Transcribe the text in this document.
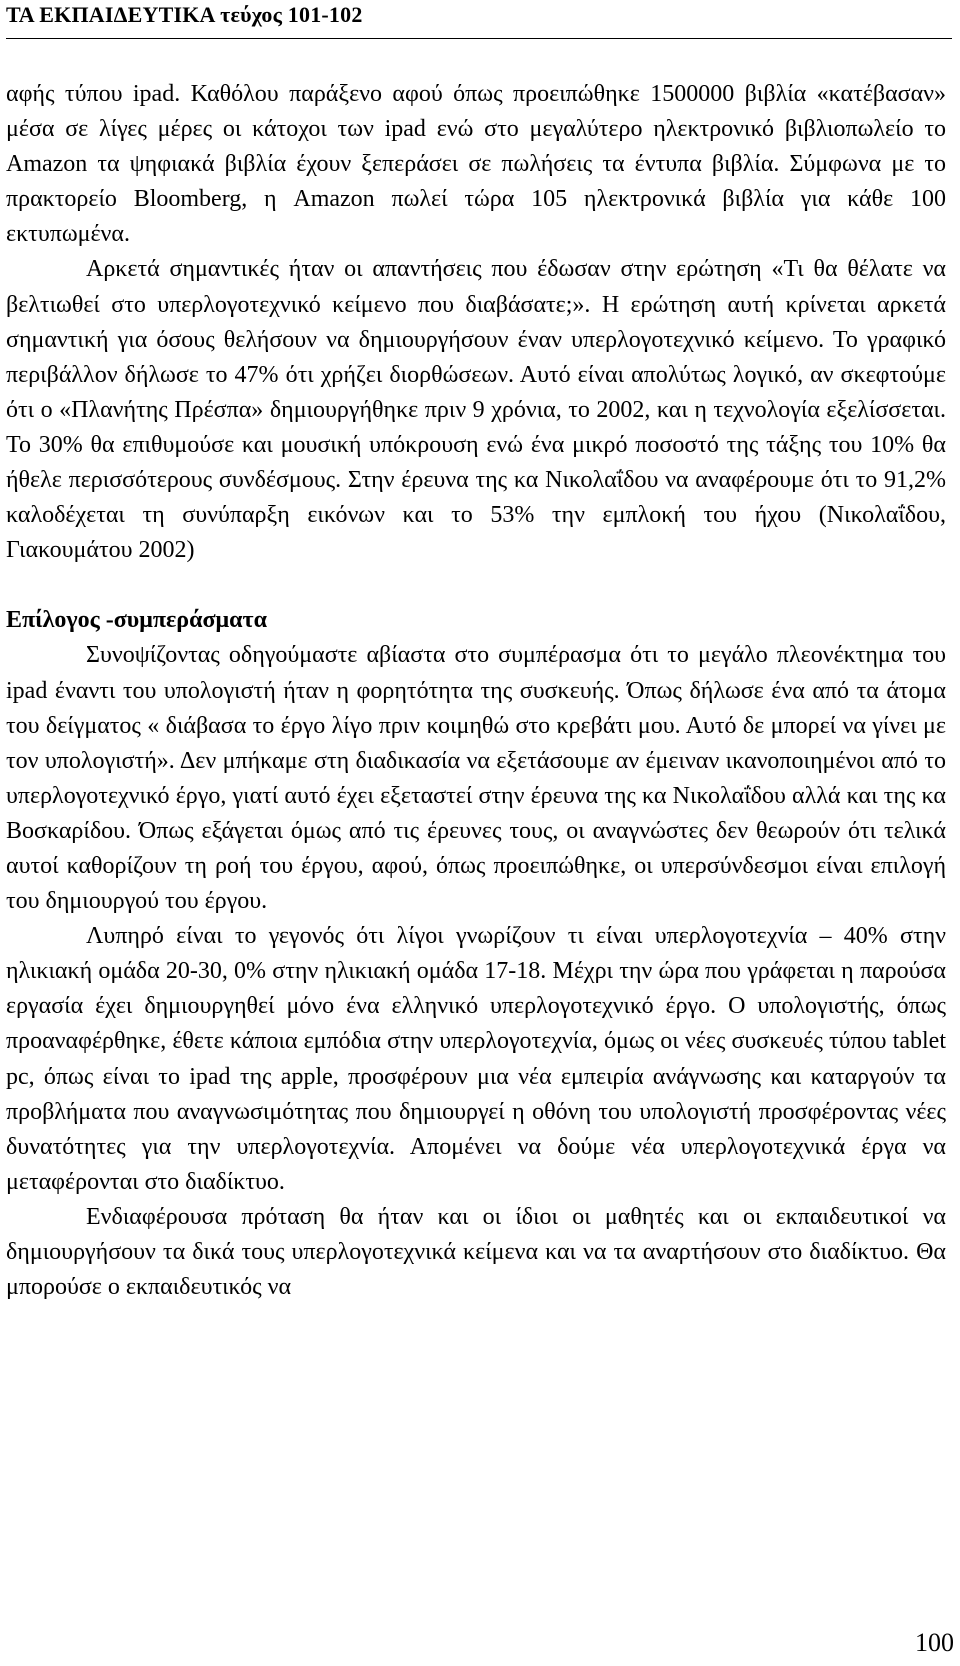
ΤΑ ΕΚΠΑΙΔΕΥΤΙΚΑ τεύχος 101-102

αφής τύπου ipad. Καθόλου παράξενο αφού όπως προειπώθηκε 1500000 βιβλία «κατέβασαν» μέσα σε λίγες μέρες οι κάτοχοι των ipad ενώ στο μεγαλύτερο ηλεκτρονικό βιβλιοπωλείο το Amazon τα ψηφιακά βιβλία έχουν ξεπεράσει σε πωλήσεις τα έντυπα βιβλία. Σύμφωνα με το πρακτορείο Bloomberg, η Amazon πωλεί τώρα 105 ηλεκτρονικά βιβλία για κάθε 100 εκτυπωμένα.

Αρκετά σημαντικές ήταν οι απαντήσεις που έδωσαν στην ερώτηση «Τι θα θέλατε να βελτιωθεί στο υπερλογοτεχνικό κείμενο που διαβάσατε;». Η ερώτηση αυτή κρίνεται αρκετά σημαντική για όσους θελήσουν να δημιουργήσουν έναν υπερλογοτεχνικό κείμενο. Το γραφικό περιβάλλον δήλωσε το 47% ότι χρήζει διορθώσεων. Αυτό είναι απολύτως λογικό, αν σκεφτούμε ότι ο «Πλανήτης Πρέσπα» δημιουργήθηκε πριν 9 χρόνια, το 2002, και η τεχνολογία εξελίσσεται. Το 30% θα επιθυμούσε και μουσική υπόκρουση ενώ ένα μικρό ποσοστό της τάξης του 10% θα ήθελε περισσότερους συνδέσμους. Στην έρευνα της κα Νικολαΐδου να αναφέρουμε ότι το 91,2% καλοδέχεται τη συνύπαρξη εικόνων και το 53% την εμπλοκή του ήχου (Νικολαΐδου, Γιακουμάτου 2002)

Επίλογος -συμπεράσματα

Συνοψίζοντας οδηγούμαστε αβίαστα στο συμπέρασμα ότι το μεγάλο πλεονέκτημα του ipad έναντι του υπολογιστή ήταν η φορητότητα της συσκευής. Όπως δήλωσε ένα από τα άτομα του δείγματος « διάβασα το έργο λίγο πριν κοιμηθώ στο κρεβάτι μου. Αυτό δε μπορεί να γίνει με τον υπολογιστή». Δεν μπήκαμε στη διαδικασία να εξετάσουμε αν έμειναν ικανοποιημένοι από το υπερλογοτεχνικό έργο, γιατί αυτό έχει εξεταστεί στην έρευνα της κα Νικολαΐδου αλλά και της κα Βοσκαρίδου. Όπως εξάγεται όμως από τις έρευνες τους, οι αναγνώστες δεν θεωρούν ότι τελικά αυτοί καθορίζουν τη ροή του έργου, αφού, όπως προειπώθηκε, οι υπερσύνδεσμοι είναι επιλογή του δημιουργού του έργου.

Λυπηρό είναι το γεγονός ότι λίγοι γνωρίζουν τι είναι υπερλογοτεχνία – 40% στην ηλικιακή ομάδα 20-30, 0% στην ηλικιακή ομάδα 17-18. Μέχρι την ώρα που γράφεται η παρούσα εργασία έχει δημιουργηθεί μόνο ένα ελληνικό υπερλογοτεχνικό έργο. Ο υπολογιστής, όπως προαναφέρθηκε, έθετε κάποια εμπόδια στην υπερλογοτεχνία, όμως οι νέες συσκευές τύπου tablet pc, όπως είναι το ipad της apple, προσφέρουν μια νέα εμπειρία ανάγνωσης και καταργούν τα προβλήματα που αναγνωσιμότητας που δημιουργεί η οθόνη του υπολογιστή προσφέροντας νέες δυνατότητες για την υπερλογοτεχνία. Απομένει να δούμε νέα υπερλογοτεχνικά έργα να μεταφέρονται στο διαδίκτυο.

Ενδιαφέρουσα πρόταση θα ήταν και οι ίδιοι οι μαθητές και οι εκπαιδευτικοί να δημιουργήσουν τα δικά τους υπερλογοτεχνικά κείμενα και να τα αναρτήσουν στο διαδίκτυο. Θα μπορούσε ο εκπαιδευτικός να

100
